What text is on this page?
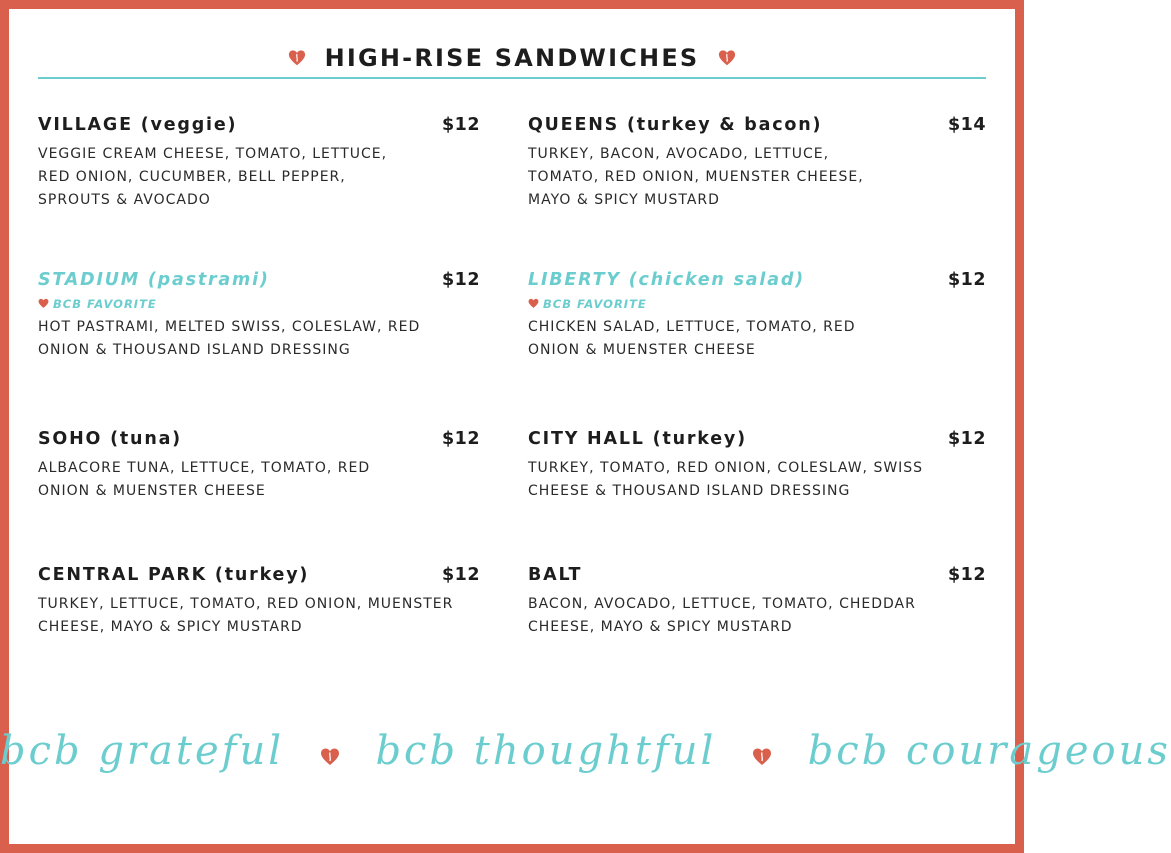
HIGH-RISE SANDWICHES
VILLAGE (veggie)	$12
VEGGIE CREAM CHEESE, TOMATO, LETTUCE, RED ONION, CUCUMBER, BELL PEPPER, SPROUTS & AVOCADO
QUEENS (turkey & bacon)	$14
TURKEY, BACON, AVOCADO, LETTUCE, TOMATO, RED ONION, MUENSTER CHEESE, MAYO & SPICY MUSTARD
STADIUM (pastrami)	$12
BCB FAVORITE
HOT PASTRAMI, MELTED SWISS, COLESLAW, RED ONION & THOUSAND ISLAND DRESSING
LIBERTY (chicken salad)	$12
BCB FAVORITE
CHICKEN SALAD, LETTUCE, TOMATO, RED ONION & MUENSTER CHEESE
SOHO (tuna)	$12
ALBACORE TUNA, LETTUCE, TOMATO, RED ONION & MUENSTER CHEESE
CITY HALL (turkey)	$12
TURKEY, TOMATO, RED ONION, COLESLAW, SWISS CHEESE & THOUSAND ISLAND DRESSING
CENTRAL PARK (turkey)	$12
TURKEY, LETTUCE, TOMATO, RED ONION, MUENSTER CHEESE, MAYO & SPICY MUSTARD
BALT	$12
BACON, AVOCADO, LETTUCE, TOMATO, CHEDDAR CHEESE, MAYO & SPICY MUSTARD
bcb grateful bcb thoughtful bcb courageous
